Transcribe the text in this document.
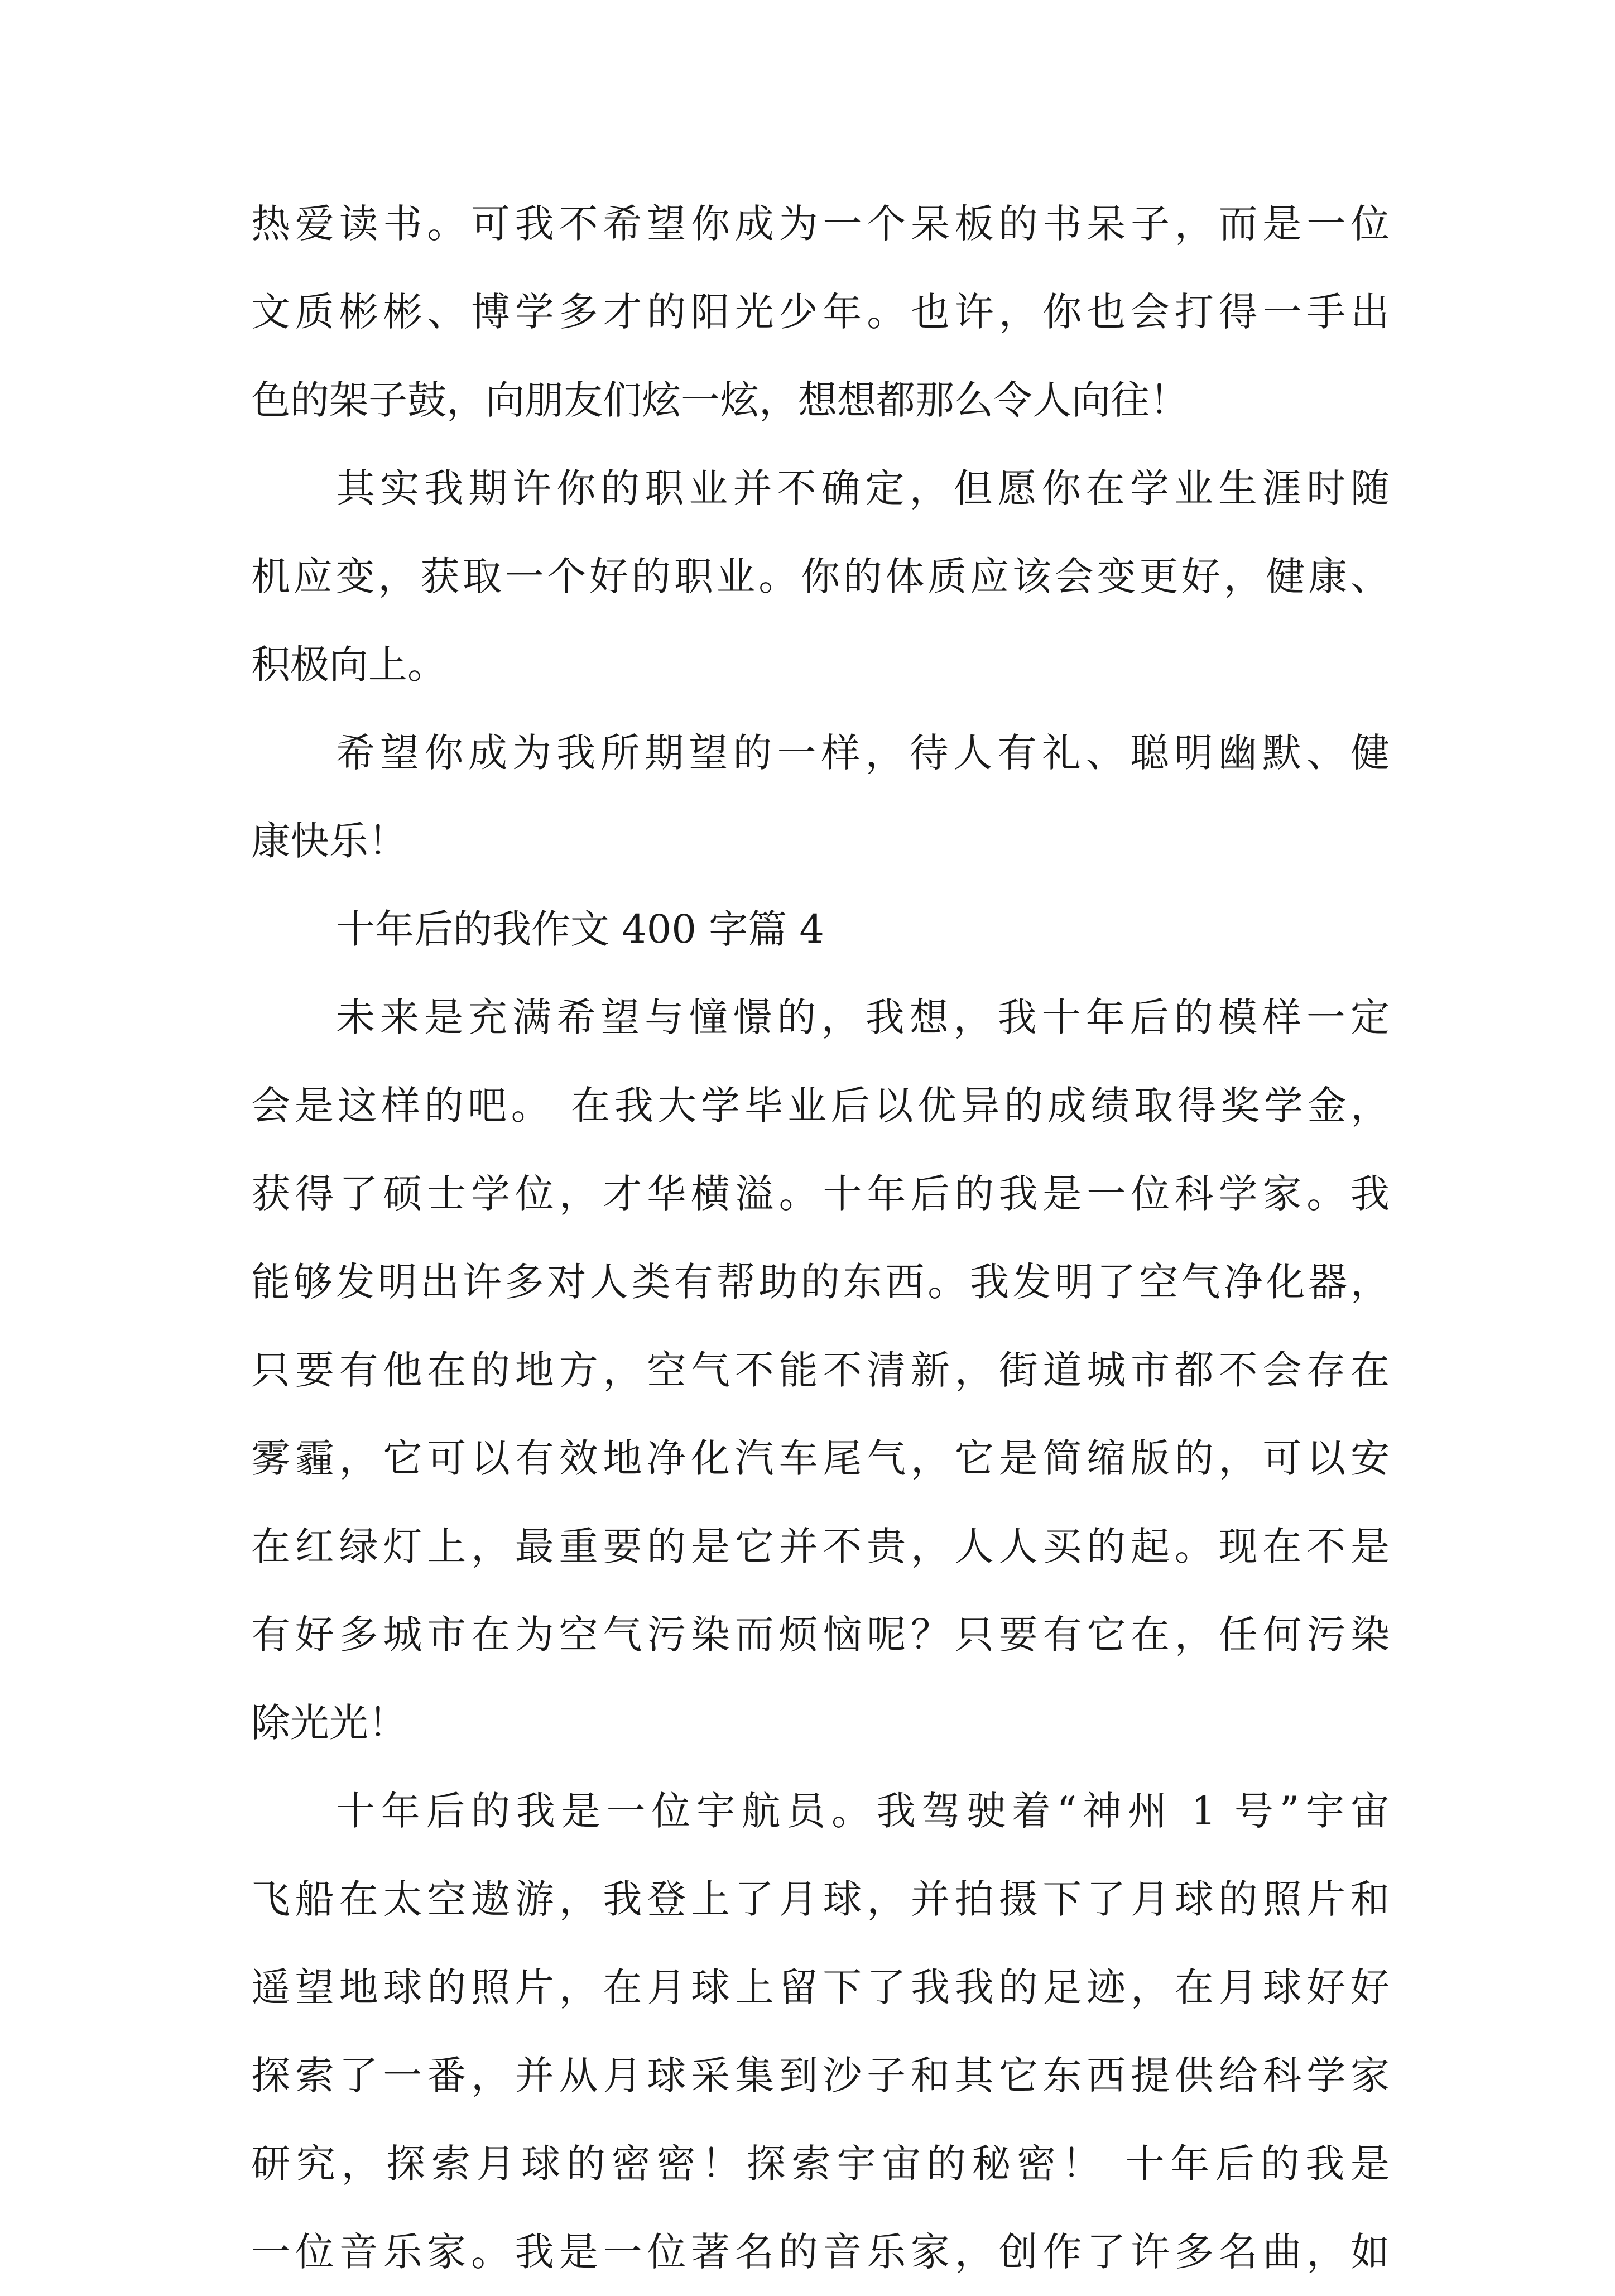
热爱读书。可我不希望你成为一个呆板的书呆子，而是一位
文质彬彬、博学多才的阳光少年。也许，你也会打得一手出
色的架子鼓，向朋友们炫一炫，想想都那么令人向往！
其实我期许你的职业并不确定，但愿你在学业生涯时随
机应变，获取一个好的职业。你的体质应该会变更好，健康、
积极向上。
希望你成为我所期望的一样，待人有礼、聪明幽默、健
康快乐！
十年后的我作文 400 字篇 4
未来是充满希望与憧憬的，我想，我十年后的模样一定
会是这样的吧。 在我大学毕业后以优异的成绩取得奖学金，
获得了硕士学位，才华横溢。十年后的我是一位科学家。我
能够发明出许多对人类有帮助的东西。我发明了空气净化器，
只要有他在的地方，空气不能不清新，街道城市都不会存在
雾霾，它可以有效地净化汽车尾气，它是简缩版的，可以安
在红绿灯上，最重要的是它并不贵，人人买的起。现在不是
有好多城市在为空气污染而烦恼呢？只要有它在，任何污染
除光光！
十年后的我是一位宇航员。我驾驶着“神州 1 号”宇宙
飞船在太空遨游，我登上了月球，并拍摄下了月球的照片和
遥望地球的照片，在月球上留下了我我的足迹，在月球好好
探索了一番，并从月球采集到沙子和其它东西提供给科学家
研究，探索月球的密密！探索宇宙的秘密！ 十年后的我是
一位音乐家。我是一位著名的音乐家，创作了许多名曲，如
